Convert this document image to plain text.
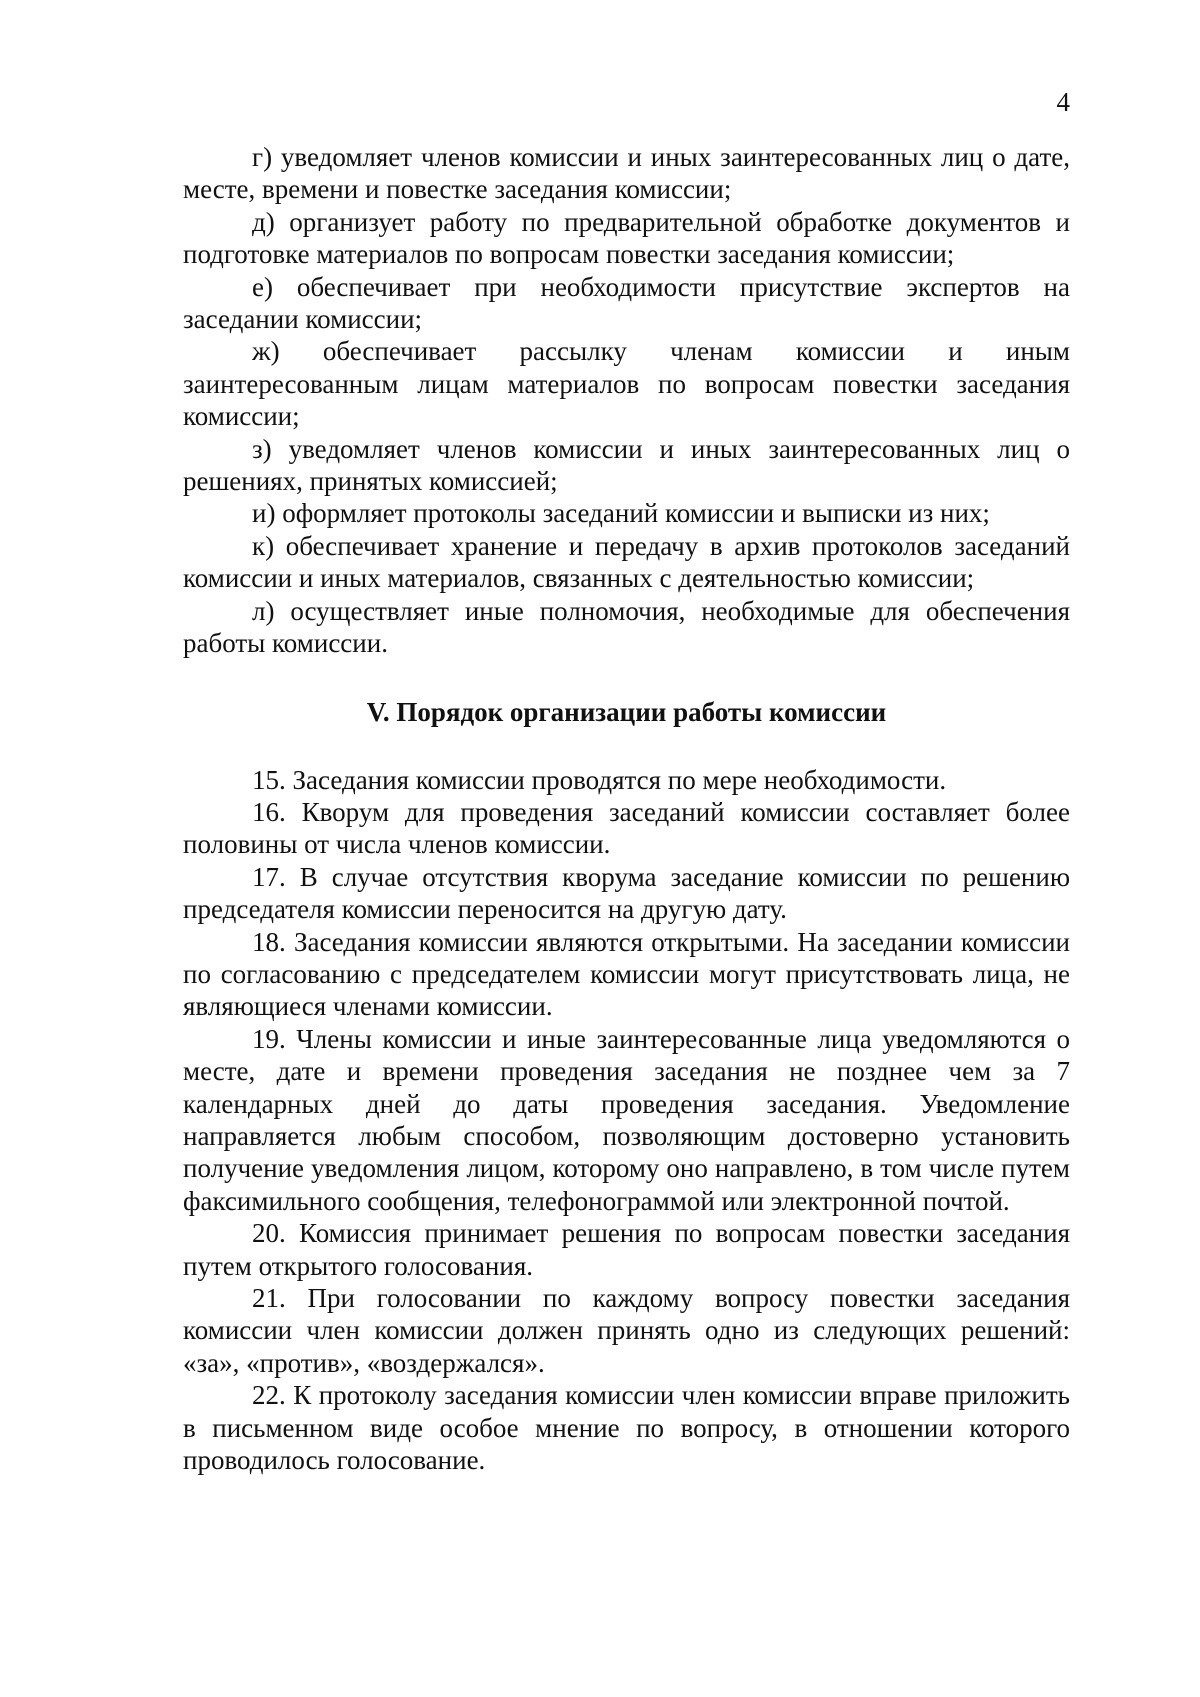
4

г) уведомляет членов комиссии и иных заинтересованных лиц о дате, месте, времени и повестке заседания комиссии;

д) организует работу по предварительной обработке документов и подготовке материалов по вопросам повестки заседания комиссии;

е) обеспечивает при необходимости присутствие экспертов на заседании комиссии;

ж) обеспечивает рассылку членам комиссии и иным заинтересованным лицам материалов по вопросам повестки заседания комиссии;

з) уведомляет членов комиссии и иных заинтересованных лиц о решениях, принятых комиссией;

и) оформляет протоколы заседаний комиссии и выписки из них;

к) обеспечивает хранение и передачу в архив протоколов заседаний комиссии и иных материалов, связанных с деятельностью комиссии;

л) осуществляет иные полномочия, необходимые для обеспечения работы комиссии.

V. Порядок организации работы комиссии

15. Заседания комиссии проводятся по мере необходимости.

16. Кворум для проведения заседаний комиссии составляет более половины от числа членов комиссии.

17. В случае отсутствия кворума заседание комиссии по решению председателя комиссии переносится на другую дату.

18. Заседания комиссии являются открытыми. На заседании комиссии по согласованию с председателем комиссии могут присутствовать лица, не являющиеся членами комиссии.

19. Члены комиссии и иные заинтересованные лица уведомляются о месте, дате и времени проведения заседания не позднее чем за 7 календарных дней до даты проведения заседания. Уведомление направляется любым способом, позволяющим достоверно установить получение уведомления лицом, которому оно направлено, в том числе путем факсимильного сообщения, телефонограммой или электронной почтой.

20. Комиссия принимает решения по вопросам повестки заседания путем открытого голосования.

21. При голосовании по каждому вопросу повестки заседания комиссии член комиссии должен принять одно из следующих решений: «за», «против», «воздержался».

22. К протоколу заседания комиссии член комиссии вправе приложить в письменном виде особое мнение по вопросу, в отношении которого проводилось голосование.
